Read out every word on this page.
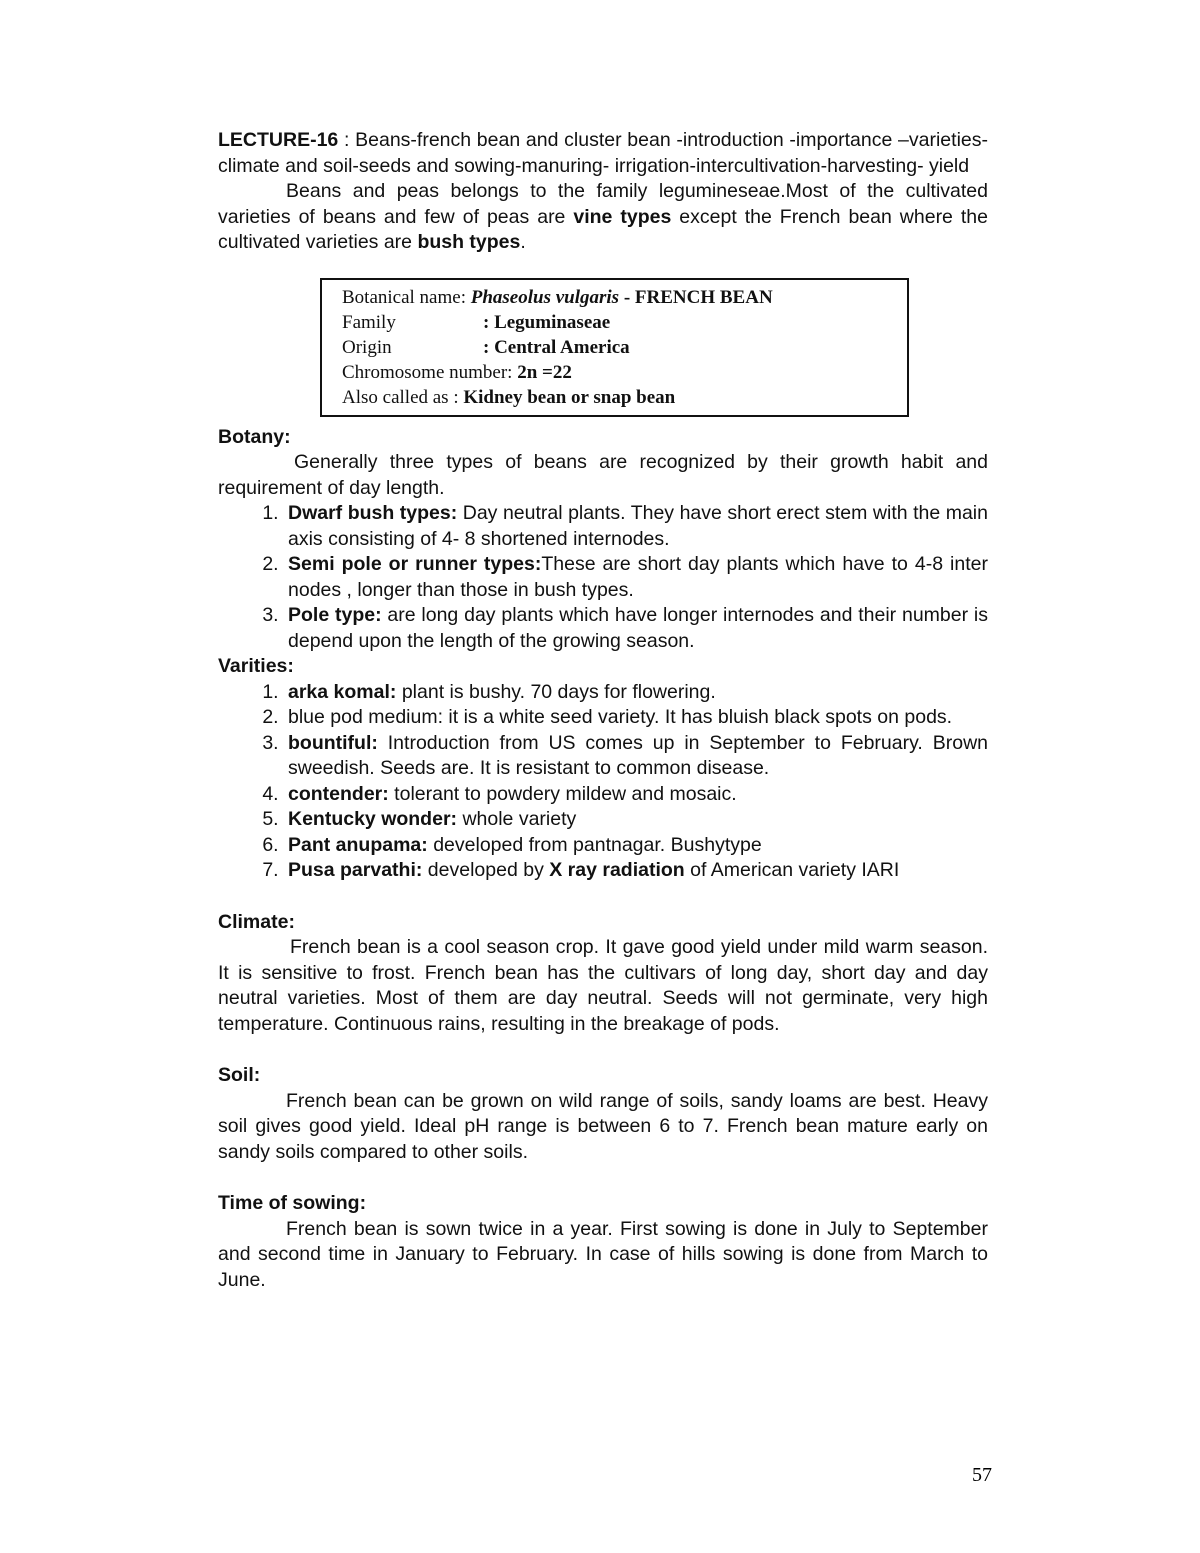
LECTURE-16 : Beans-french bean and cluster bean -introduction -importance –varieties-climate and soil-seeds and sowing-manuring- irrigation-intercultivation-harvesting- yield

Beans and peas belongs to the family leguminesеae.Most of the cultivated varieties of beans and few of peas are vine types except the French bean where the cultivated varieties are bush types.

Botanical name: Phaseolus vulgaris - FRENCH BEAN
Family	: Leguminaseae
Origin	: Central America
Chromosome number: 2n =22
Also called as : Kidney bean or snap bean

Botany:

Generally three types of beans are recognized by their growth habit and requirement of day length.

1. Dwarf bush types: Day neutral plants. They have short erect stem with the main axis consisting of 4- 8 shortened internodes.
2. Semi pole or runner types:These are short day plants which have to 4-8 inter nodes , longer than those in bush types.
3. Pole type: are long day plants which have longer internodes and their number is depend upon the length of the growing season.

Varities:

1. arka komal: plant is bushy. 70 days for flowering.
2. blue pod medium: it is a white seed variety. It has bluish black spots on pods.
3. bountiful: Introduction from US comes up in September to February. Brown sweedish. Seeds are. It is resistant to common disease.
4. contender: tolerant to powdery mildew and mosaic.
5. Kentucky wonder: whole variety
6. Pant anupama: developed from pantnagar. Bushytype
7. Pusa parvathi: developed by X ray radiation of American variety IARI

Climate:

French bean is a cool season crop. It gave good yield under mild warm season. It is sensitive to frost. French bean has the cultivars of long day, short day and day neutral varieties. Most of them are day neutral. Seeds will not germinate, very high temperature. Continuous rains, resulting in the breakage of pods.

Soil:

French bean can be grown on wild range of soils, sandy loams are best. Heavy soil gives good yield. Ideal pH range is between 6 to 7. French bean mature early on sandy soils compared to other soils.

Time of sowing:

French bean is sown twice in a year. First sowing is done in July to September and second time in January to February. In case of hills sowing is done from March to June.

57
